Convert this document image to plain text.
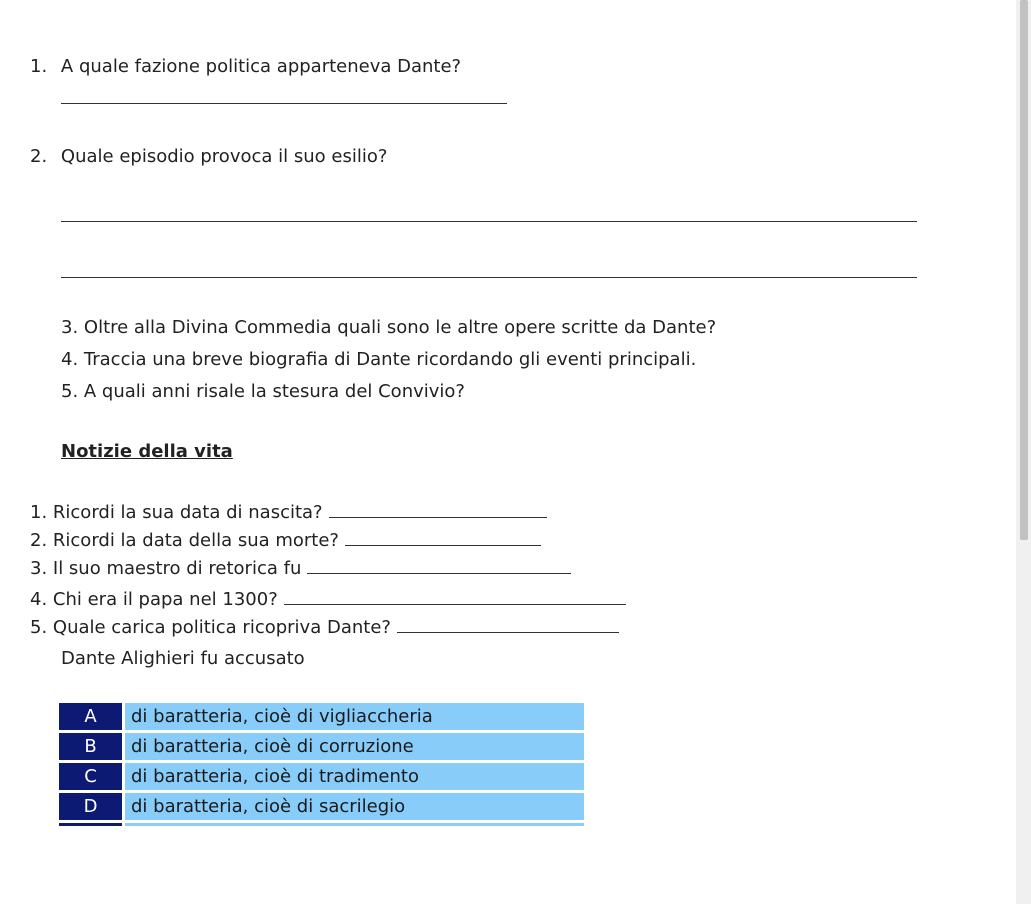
1. A quale fazione politica apparteneva Dante?
2. Quale episodio provoca il suo esilio?
3. Oltre alla Divina Commedia quali sono le altre opere scritte da Dante?
4. Traccia una breve biografia di Dante ricordando gli eventi principali.
5. A quali anni risale la stesura del Convivio?
Notizie della vita
1. Ricordi la sua data di nascita?
2. Ricordi la data della sua morte?
3. Il suo maestro di retorica fu
4. Chi era il papa nel 1300?
5. Quale carica politica ricopriva Dante?
Dante Alighieri fu accusato
A	di baratteria, cioè di vigliaccheria
B	di baratteria, cioè di corruzione
C	di baratteria, cioè di tradimento
D	di baratteria, cioè di sacrilegio
